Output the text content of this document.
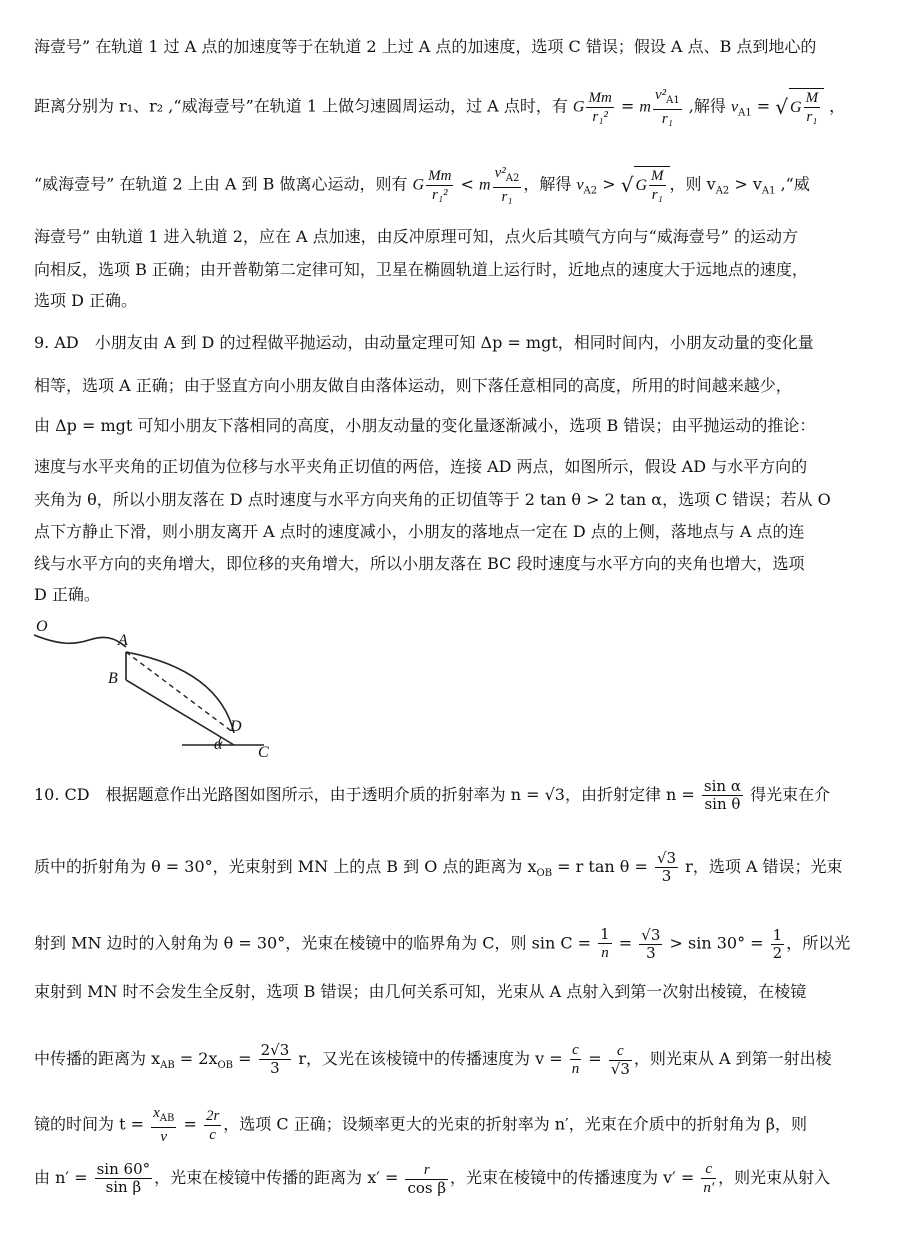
海壹号” 在轨道 1 过 A 点的加速度等于在轨道 2 上过 A 点的加速度，选项 C 错误；假设 A 点、B 点到地心的
距离分别为 r₁、r₂ ,“威海壹号”在轨道 1 上做匀速圆周运动，过 A 点时，有 G $\frac{Mm}{\text{r₁²}} = m \frac{v^2_{A1}}{\text{r₁}}$ ,解得 $v_{A1}$ = √ G $\frac{M}{\text{r₁}}$ ，
“威海壹号” 在轨道 2 上由 A 到 B 做离心运动，则有 G $\frac{Mm}{\text{r₁²}} < m \frac{v^2_{A2}}{\text{r₁}}$ ，解得 $v_{A2}$ > √ G $\frac{M}{\text{r₁}}$ ，则 $v_{A2} > v_{A1}$ ,“威
海壹号” 由轨道 1 进入轨道 2，应在 A 点加速，由反冲原理可知，点火后其喷气方向与“威海壹号” 的运动方
向相反，选项 B 正确；由开普勒第二定律可知，卫星在椭圆轨道上运行时，近地点的速度大于远地点的速度，
选项 D 正确。
9. AD　小朋友由 A 到 D 的过程做平抛运动，由动量定理可知 Δp = mgt，相同时间内，小朋友动量的变化量
相等，选项 A 正确；由于竖直方向小朋友做自由落体运动，则下落任意相同的高度，所用的时间越来越少，
由 Δp = mgt 可知小朋友下落相同的高度，小朋友动量的变化量逐渐减小，选项 B 错误；由平抛运动的推论：
速度与水平夹角的正切值为位移与水平夹角正切值的两倍，连接 AD 两点，如图所示，假设 AD 与水平方向的
夹角为 θ，所以小朋友落在 D 点时速度与水平方向夹角的正切值等于 2 tan θ > 2 tan α，选项 C 错误；若从 O
点下方静止下滑，则小朋友离开 A 点时的速度减小，小朋友的落地点一定在 D 点的上侧，落地点与 A 点的连
线与水平方向的夹角增大，即位移的夹角增大，所以小朋友落在 BC 段时速度与水平方向的夹角也增大，选项
D 正确。
10. CD　根据题意作出光路图如图所示，由于透明介质的折射率为 n = √3，由折射定律 $n = \frac{\text{sin α}}{\text{sin θ}}$ 得光束在介
质中的折射角为 θ = 30°，光束射到 MN 上的点 B 到 O 点的距离为 $x_{OB} = r$ $\tan \theta = \frac{√3}{3}$ r，选项 A 错误；光束
射到 MN 边时的入射角为 θ = 30°，光束在棱镜中的临界角为 C，则 $\sin C = \frac{1}{n} = \frac{√3}{3} > \sin 30^\circ = \frac{1}{2}$ ，所以光
束射到 MN 时不会发生全反射，选项 B 错误；由几何关系可知，光束从 A 点射入到第一次射出棱镜，在棱镜
中传播的距离为 $x_{AB} = 2x_{OB} = \frac{2√3}{3}$ r，又光在该棱镜中的传播速度为 $v = \frac{c}{n} = \frac{c}{√3}$ ，则光束从 A 到第一射出棱
镜的时间为 $t = \frac{x_{AB}}{v} = \frac{2r}{c}$ ，选项 C 正确；设频率更大的光束的折射率为 n′，光束在介质中的折射角为 β，则
由 $n' = \frac{\sin 60^\circ}{\text{sin β}}$ ，光束在棱镜中传播的距离为 $x' = \frac{r}{\text{cos β}}$ ，光束在棱镜中的传播速度为 $v' = \frac{c}{n'}$ ，则光束从射入
O
A
B
D
C
α
